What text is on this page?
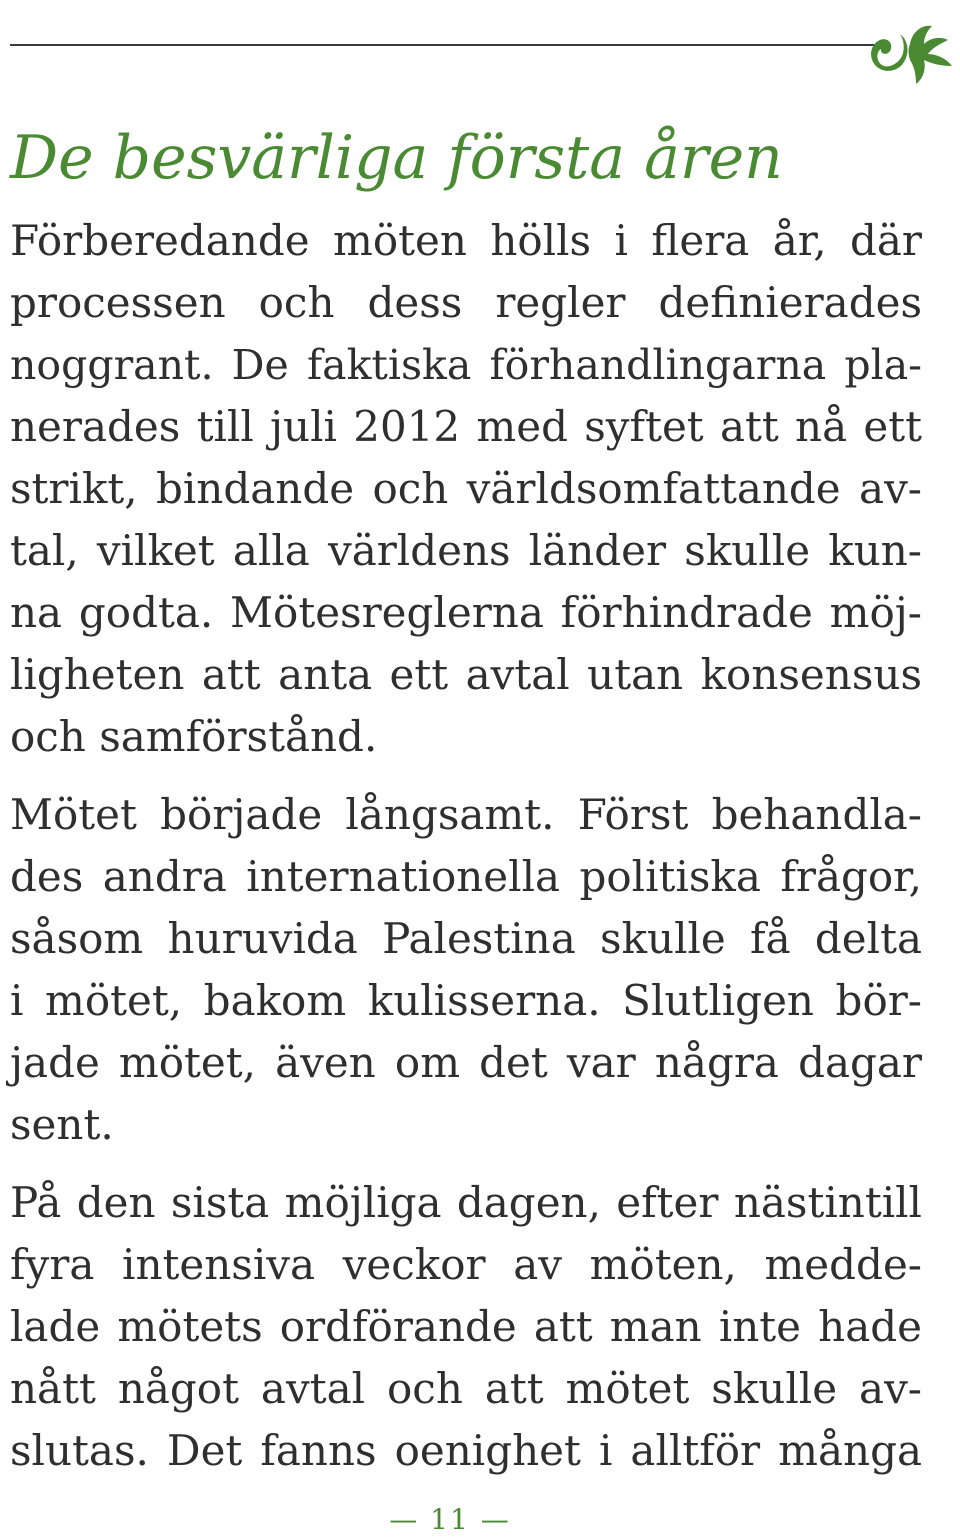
De besvärliga första åren
Förberedande möten hölls i flera år, där
processen och dess regler definierades
noggrant. De faktiska förhandlingarna pla-
nerades till juli 2012 med syftet att nå ett
strikt, bindande och världsomfattande av-
tal, vilket alla världens länder skulle kun-
na godta. Mötesreglerna förhindrade möj-
ligheten att anta ett avtal utan konsensus
och samförstånd.
Mötet började långsamt. Först behandla-
des andra internationella politiska frågor,
såsom huruvida Palestina skulle få delta
i mötet, bakom kulisserna. Slutligen bör-
jade mötet, även om det var några dagar
sent.
På den sista möjliga dagen, efter nästintill
fyra intensiva veckor av möten, medde-
lade mötets ordförande att man inte hade
nått något avtal och att mötet skulle av-
slutas. Det fanns oenighet i alltför många
— 11 —
